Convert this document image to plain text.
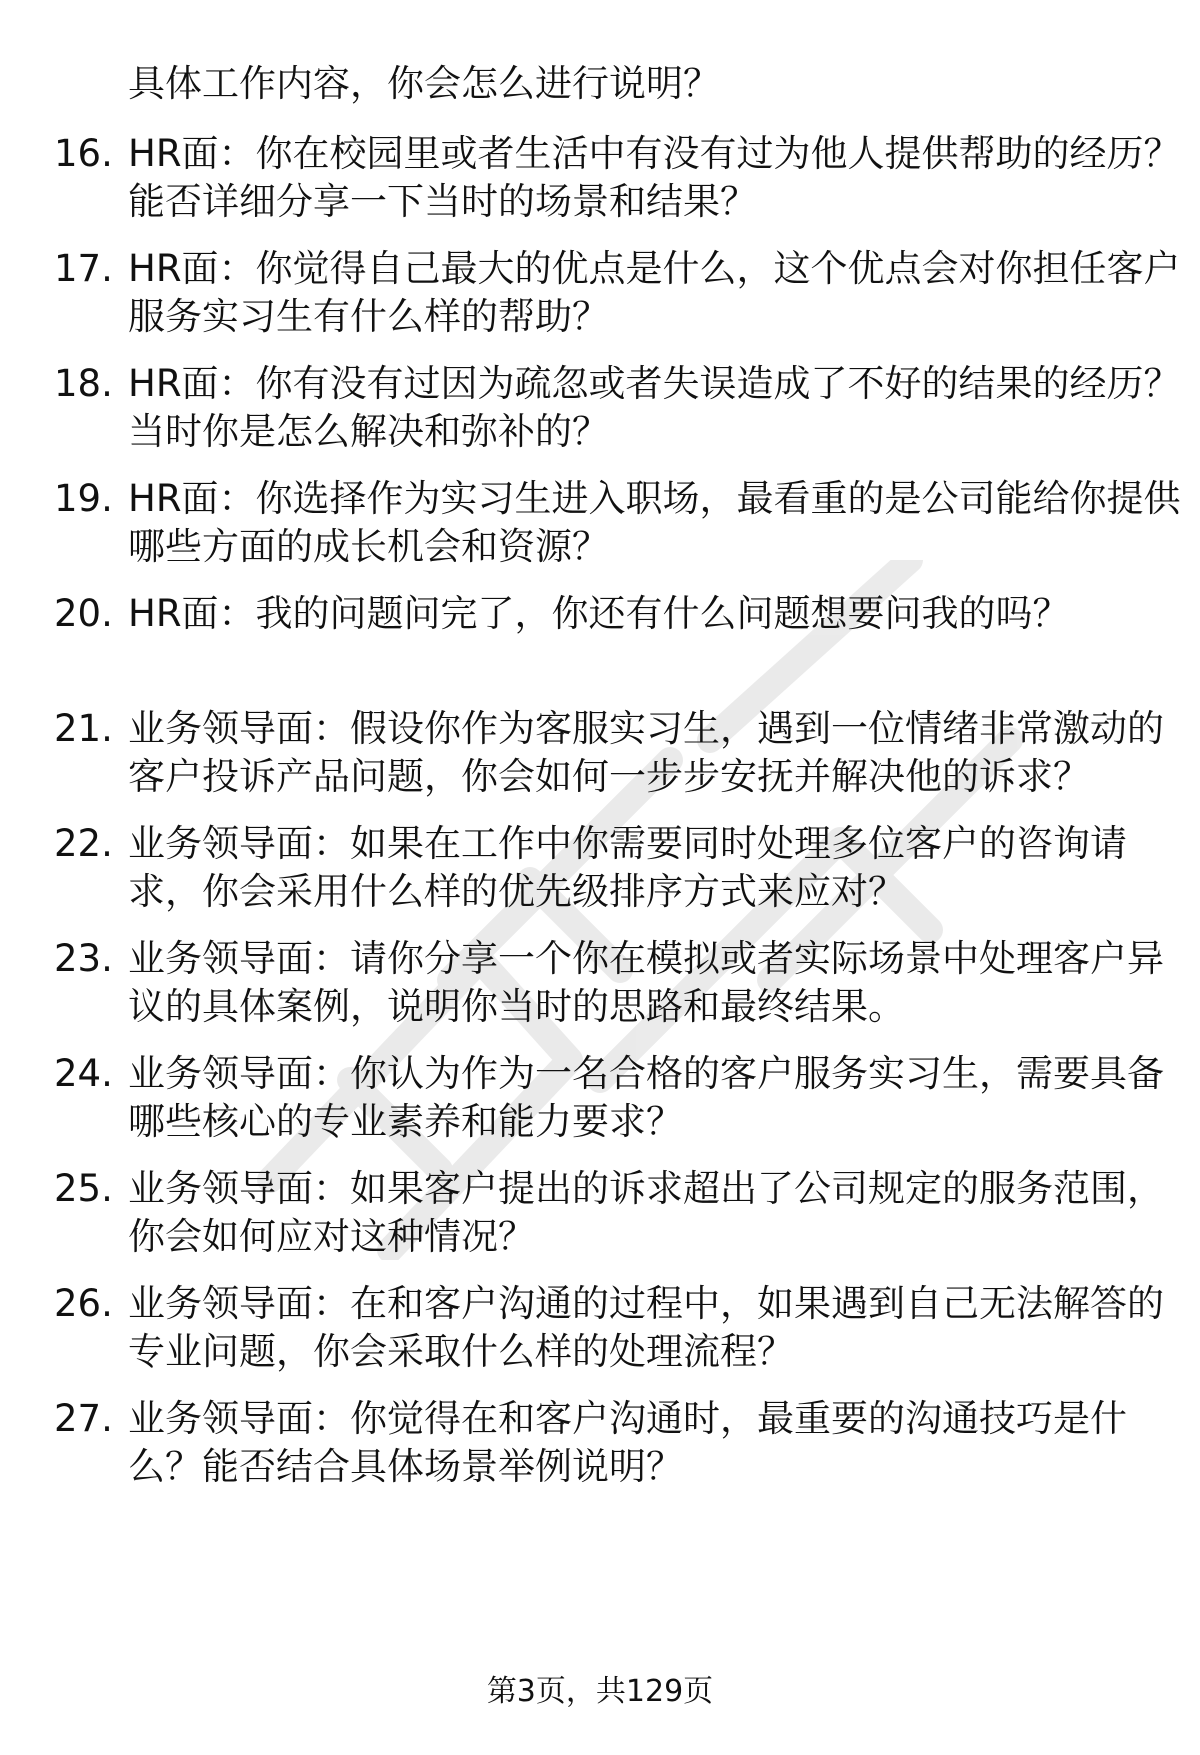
具体工作内容，你会怎么进行说明？
16. HR面：你在校园里或者生活中有没有过为他人提供帮助的经历？
能否详细分享一下当时的场景和结果？
17. HR面：你觉得自己最大的优点是什么，这个优点会对你担任客户
服务实习生有什么样的帮助？
18. HR面：你有没有过因为疏忽或者失误造成了不好的结果的经历？
当时你是怎么解决和弥补的？
19. HR面：你选择作为实习生进入职场，最看重的是公司能给你提供
哪些方面的成长机会和资源？
20. HR面：我的问题问完了，你还有什么问题想要问我的吗？
21. 业务领导面：假设你作为客服实习生，遇到一位情绪非常激动的
客户投诉产品问题，你会如何一步步安抚并解决他的诉求？
22. 业务领导面：如果在工作中你需要同时处理多位客户的咨询请
求，你会采用什么样的优先级排序方式来应对？
23. 业务领导面：请你分享一个你在模拟或者实际场景中处理客户异
议的具体案例，说明你当时的思路和最终结果。
24. 业务领导面：你认为作为一名合格的客户服务实习生，需要具备
哪些核心的专业素养和能力要求？
25. 业务领导面：如果客户提出的诉求超出了公司规定的服务范围，
你会如何应对这种情况？
26. 业务领导面：在和客户沟通的过程中，如果遇到自己无法解答的
专业问题，你会采取什么样的处理流程？
27. 业务领导面：你觉得在和客户沟通时，最重要的沟通技巧是什
么？能否结合具体场景举例说明？
第3页，共129页
